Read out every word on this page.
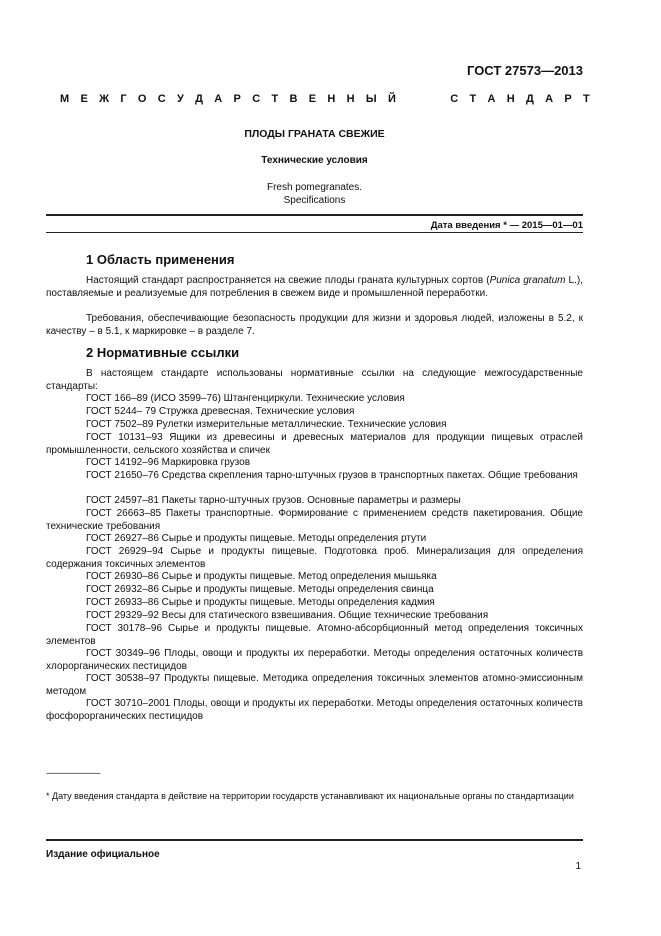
ГОСТ 27573—2013
М Е Ж Г О С У Д А Р С Т В Е Н Н Ы Й

	С Т А Н Д А Р Т
ПЛОДЫ ГРАНАТА СВЕЖИЕ
Технические условия
Fresh pomegranates.
Specifications
Дата введения * — 2015—01—01
1 Область применения
Настоящий стандарт распространяется на свежие плоды граната культурных сортов (Punica granatum L.), поставляемые и реализуемые для потребления в свежем виде и промышленной переработки.
Требования, обеспечивающие безопасность продукции для жизни и здоровья людей, изложены в 5.2, к качеству – в 5.1, к маркировке – в разделе 7.
2 Нормативные ссылки
В настоящем стандарте использованы нормативные ссылки на следующие межгосударственные стандарты:
ГОСТ 166–89 (ИСО 3599–76) Штангенциркули. Технические условия
ГОСТ 5244– 79 Стружка древесная. Технические условия
ГОСТ 7502–89 Рулетки измерительные металлические. Технические условия
ГОСТ 10131–93 Ящики из древесины и древесных материалов для продукции пищевых отраслей промышленности, сельского хозяйства и спичек
ГОСТ 14192–96 Маркировка грузов
ГОСТ 21650–76 Средства скрепления тарно-штучных грузов в транспортных пакетах. Общие требования
ГОСТ 24597–81 Пакеты тарно-штучных грузов. Основные параметры и размеры
ГОСТ 26663–85 Пакеты транспортные. Формирование с применением средств пакетирования. Общие технические требования
ГОСТ 26927–86 Сырье и продукты пищевые. Методы определения ртути
ГОСТ 26929–94 Сырье и продукты пищевые. Подготовка проб. Минерализация для определения содержания токсичных элементов
ГОСТ 26930–86 Сырье и продукты пищевые. Метод определения мышьяка
ГОСТ 26932–86 Сырье и продукты пищевые. Методы определения свинца
ГОСТ 26933–86 Сырье и продукты пищевые. Методы определения кадмия
ГОСТ 29329–92 Весы для статического взвешивания. Общие технические требования
ГОСТ 30178–96 Сырье и продукты пищевые. Атомно-абсорбционный метод определения токсичных элементов
ГОСТ 30349–96 Плоды, овощи и продукты их переработки. Методы определения остаточных количеств хлорорганических пестицидов
ГОСТ 30538–97 Продукты пищевые. Методика определения токсичных элементов атомно-эмиссионным методом
ГОСТ 30710–2001 Плоды, овощи и продукты их переработки. Методы определения остаточных количеств фосфорорганических пестицидов
---------------------------
* Дату введения стандарта в действие на территории государств устанавливают их национальные органы по стандартизации
Издание официальное
1
